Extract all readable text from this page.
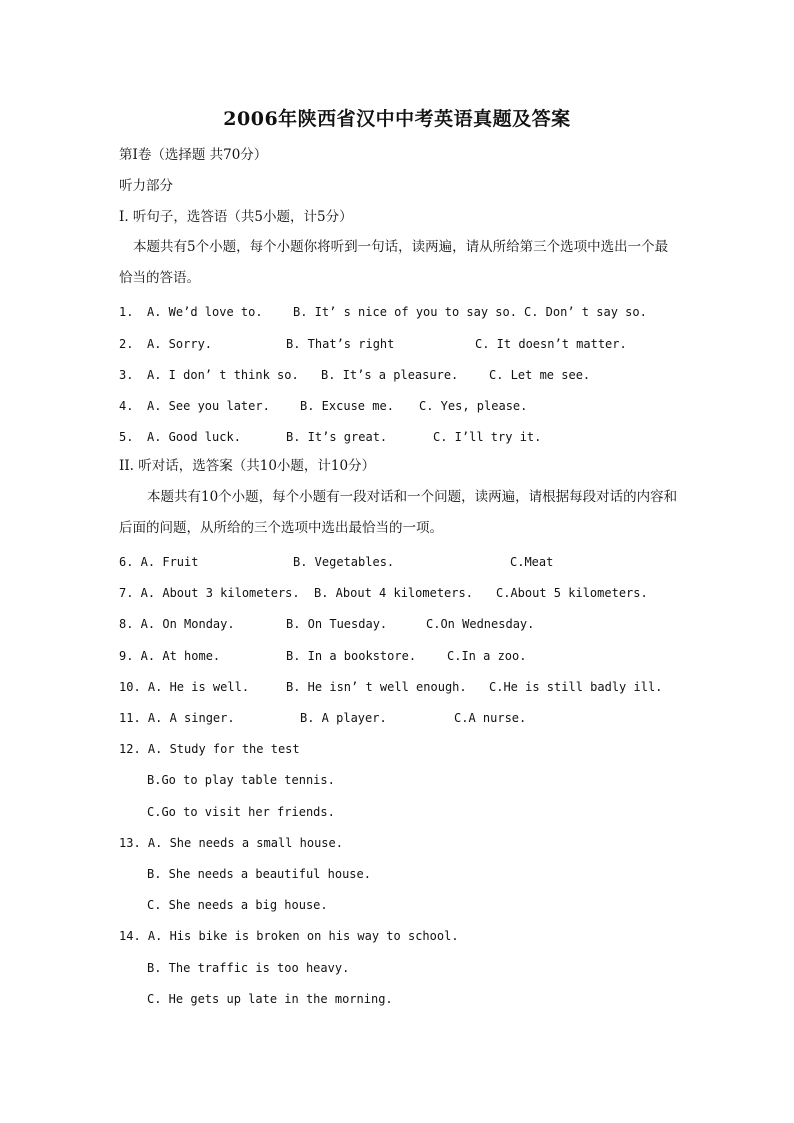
2006年陕西省汉中中考英语真题及答案
第Ⅰ卷（选择题 共70分）
听力部分
I. 听句子，选答语（共5小题，计5分）
本题共有5个小题，每个小题你将听到一句话，读两遍，请从所给第三个选项中选出一个最恰当的答语。
1. A. We’d love to.	B. It’ s nice of you to say so. C. Don’ t say so.
2. A. Sorry.	B. That’s right	C. It doesn’t matter.
3. A. I don’ t think so. B. It’s a pleasure.	C. Let me see.
4. A. See you later.	B. Excuse me. C. Yes, please.
5. A. Good luck.	B. It’s great.	C. I’ll try it.
II. 听对话，选答案（共10小题，计10分）
本题共有10个小题，每个小题有一段对话和一个问题，读两遍，请根据每段对话的内容和后面的问题，从所给的三个选项中选出最恰当的一项。
6. A. Fruit	B. Vegetables.	C.Meat
7. A. About 3 kilometers. B. About 4 kilometers. C.About 5 kilometers.
8. A. On Monday.	B. On Tuesday.	C.On Wednesday.
9. A. At home.	B. In a bookstore.	C.In a zoo.
10. A. He is well.	B. He isn’ t well enough. C.He is still badly ill.
11. A. A singer.	B. A player.	C.A nurse.
12. A. Study for the test
B.Go to play table tennis.
C.Go to visit her friends.
13. A. She needs a small house.
B. She needs a beautiful house.
C. She needs a big house.
14. A. His bike is broken on his way to school.
B. The traffic is too heavy.
C. He gets up late in the morning.
